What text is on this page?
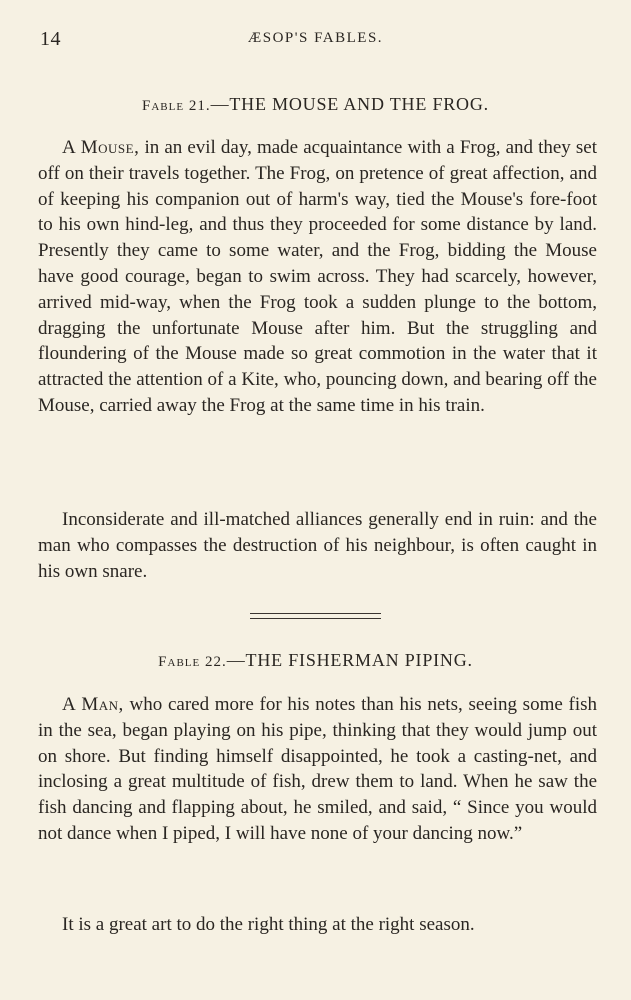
14	ÆSOP'S FABLES.
Fable 21.—THE MOUSE AND THE FROG.

A Mouse, in an evil day, made acquaintance with a Frog, and they set off on their travels together. The Frog, on pretence of great affection, and of keeping his companion out of harm's way, tied the Mouse's fore-foot to his own hind-leg, and thus they proceeded for some distance by land. Presently they came to some water, and the Frog, bidding the Mouse have good courage, began to swim across. They had scarcely, however, arrived mid-way, when the Frog took a sudden plunge to the bottom, dragging the unfortunate Mouse after him. But the struggling and floundering of the Mouse made so great commotion in the water that it attracted the attention of a Kite, who, pouncing down, and bearing off the Mouse, carried away the Frog at the same time in his train.

Inconsiderate and ill-matched alliances generally end in ruin: and the man who compasses the destruction of his neighbour, is often caught in his own snare.

Fable 22.—THE FISHERMAN PIPING.

A Man, who cared more for his notes than his nets, seeing some fish in the sea, began playing on his pipe, thinking that they would jump out on shore. But finding himself disappointed, he took a casting-net, and inclosing a great multitude of fish, drew them to land. When he saw the fish dancing and flapping about, he smiled, and said, “ Since you would not dance when I piped, I will have none of your dancing now.”

It is a great art to do the right thing at the right season.
